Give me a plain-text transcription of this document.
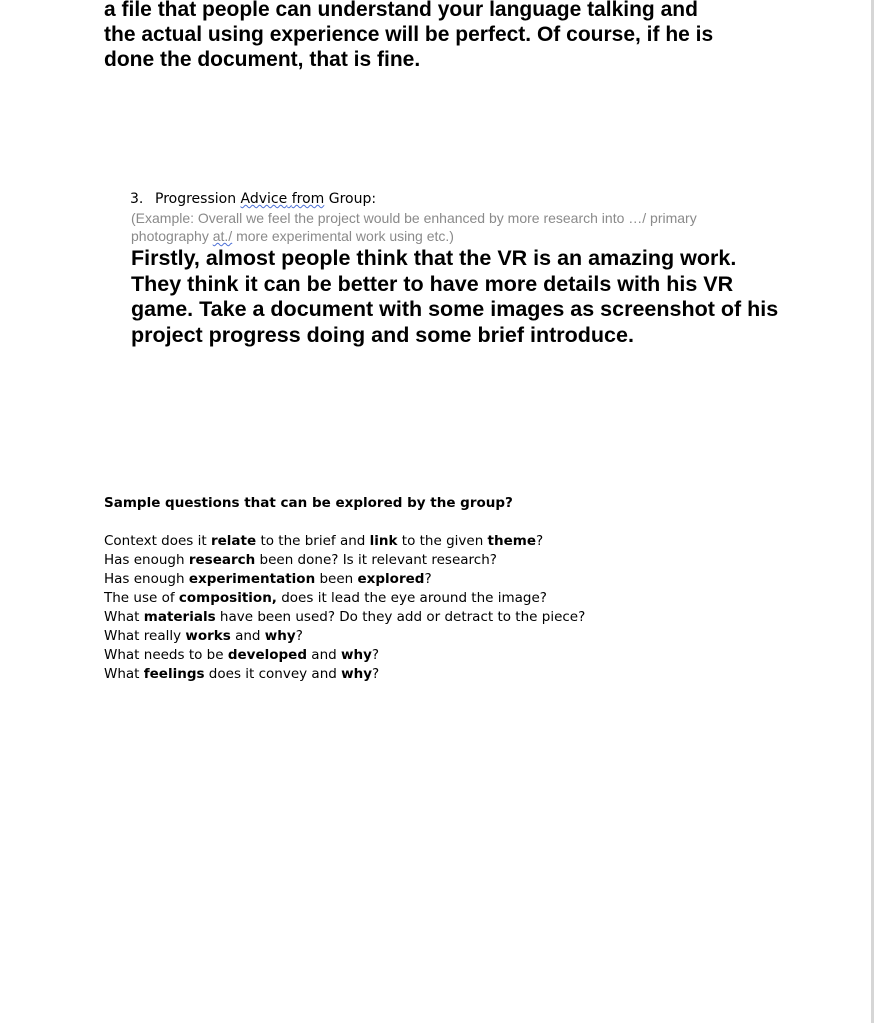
a file that people can understand your language talking and

the actual using experience will be perfect. Of course, if he is

done the document, that is fine.

3. Progression Advice from Group:
(Example: Overall we feel the project would be enhanced by more research into …/ primary photography at./ more experimental work using etc.)
Firstly, almost people think that the VR is an amazing work. They think it can be better to have more details with his VR game. Take a document with some images as screenshot of his project progress doing and some brief introduce.

Sample questions that can be explored by the group?

Context does it relate to the brief and link to the given theme?

Has enough research been done? Is it relevant research?

Has enough experimentation been explored?

The use of composition, does it lead the eye around the image?

What materials have been used? Do they add or detract to the piece?

What really works and why?

What needs to be developed and why?

What feelings does it convey and why?
